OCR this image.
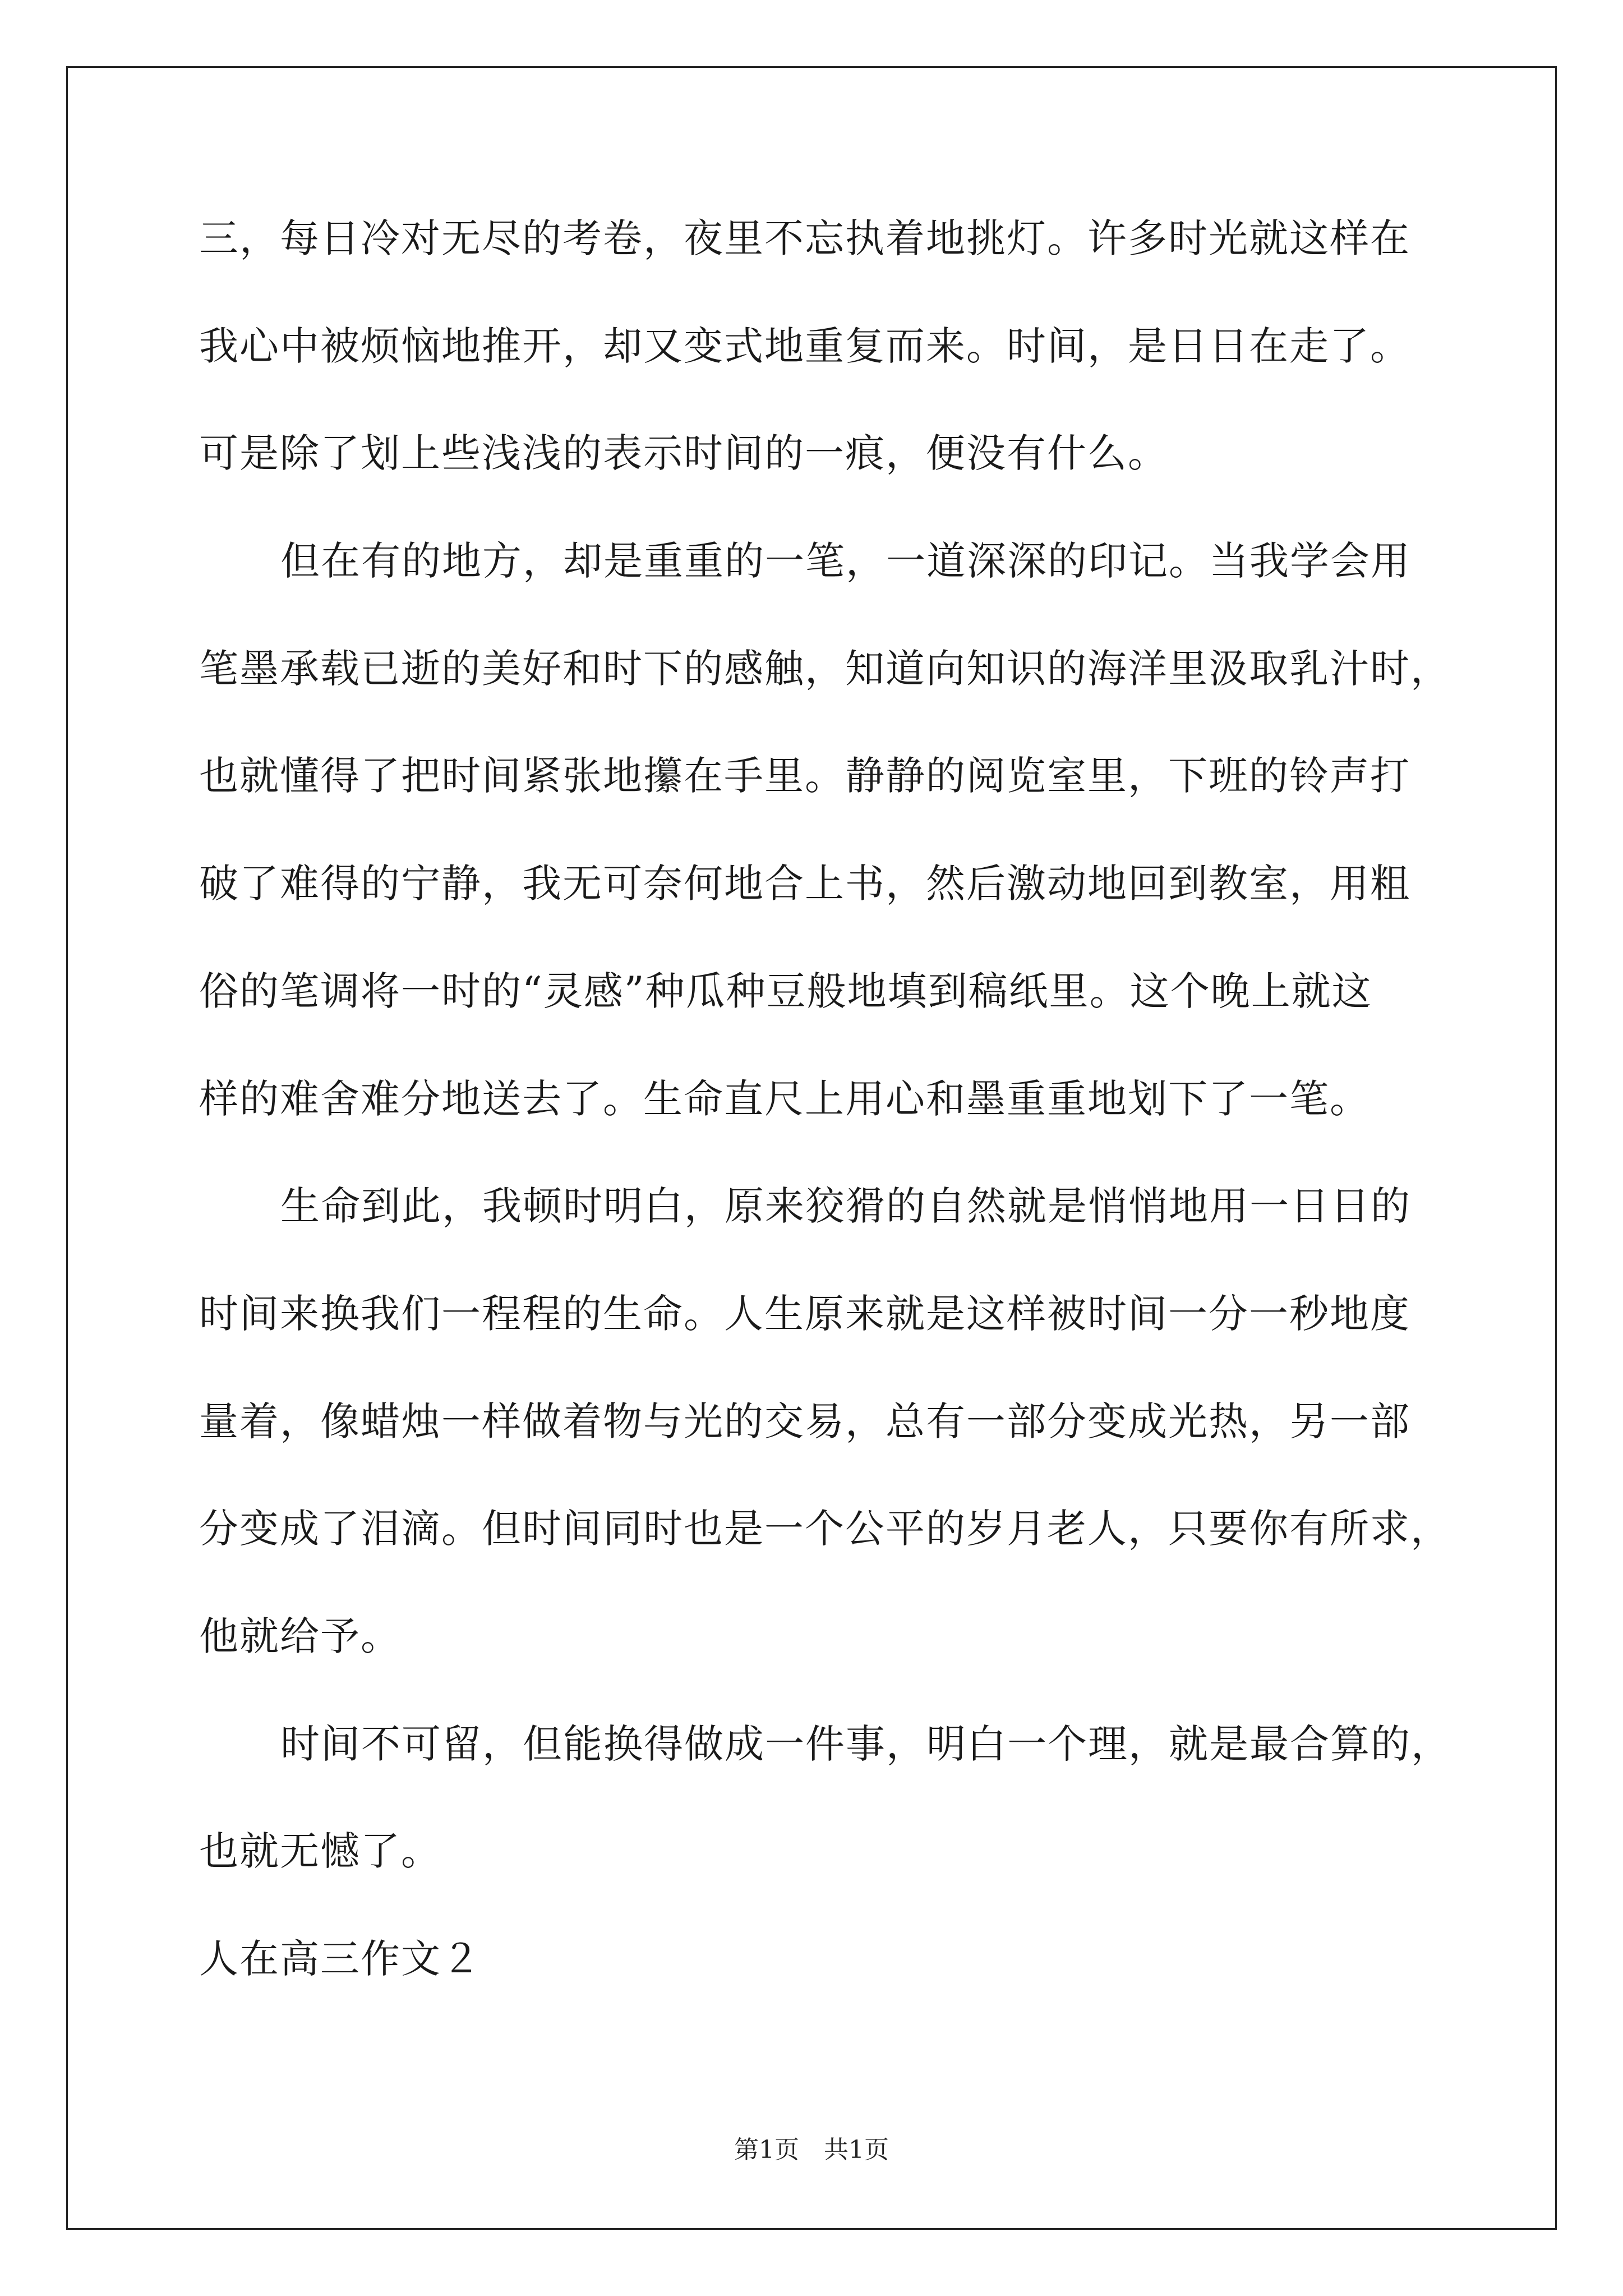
三，每日冷对无尽的考卷，夜里不忘执着地挑灯。许多时光就这样在
我心中被烦恼地推开，却又变式地重复而来。时间，是日日在走了。
可是除了划上些浅浅的表示时间的一痕，便没有什么。
但在有的地方，却是重重的一笔，一道深深的印记。当我学会用
笔墨承载已逝的美好和时下的感触，知道向知识的海洋里汲取乳汁时，
也就懂得了把时间紧张地攥在手里。静静的阅览室里，下班的铃声打
破了难得的宁静，我无可奈何地合上书，然后激动地回到教室，用粗
俗的笔调将一时的“灵感”种瓜种豆般地填到稿纸里。这个晚上就这
样的难舍难分地送去了。生命直尺上用心和墨重重地划下了一笔。
生命到此，我顿时明白，原来狡猾的自然就是悄悄地用一日日的
时间来换我们一程程的生命。人生原来就是这样被时间一分一秒地度
量着，像蜡烛一样做着物与光的交易，总有一部分变成光热，另一部
分变成了泪滴。但时间同时也是一个公平的岁月老人，只要你有所求，
他就给予。
时间不可留，但能换得做成一件事，明白一个理，就是最合算的，
也就无憾了。
人在高三作文２
第1页　共1页
